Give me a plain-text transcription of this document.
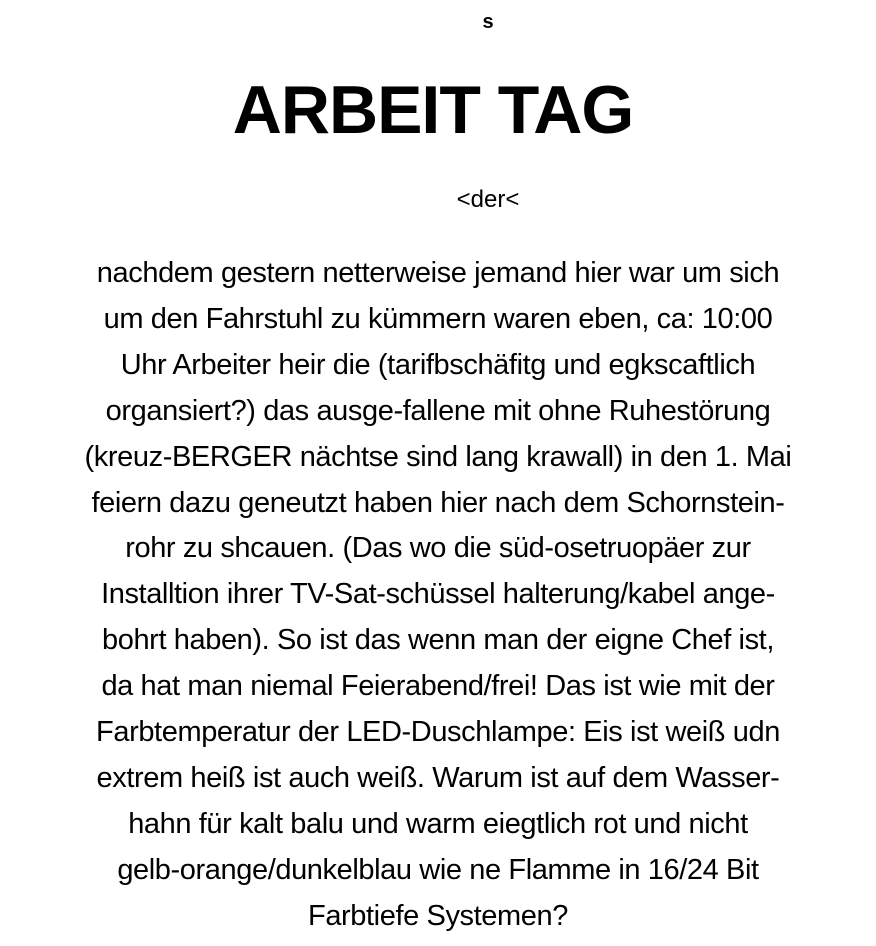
s
ARBEIT TAG
<der<

nachdem gestern netterweise jemand hier war um sich
um den Fahrstuhl zu kümmern waren eben, ca: 10:00
Uhr Arbeiter heir die (tarifbschäfitg und egkscaftlich
organsiert?) das ausge-fallene mit ohne Ruhestörung
(kreuz-BERGER nächtse sind lang krawall) in den 1. Mai
feiern dazu geneutzt haben hier nach dem Schornstein-
rohr zu shcauen. (Das wo die süd-osetruopäer zur
Installtion ihrer TV-Sat-schüssel halterung/kabel ange-
bohrt haben). So ist das wenn man der eigne Chef ist,
da hat man niemal Feierabend/frei! Das ist wie mit der
Farbtemperatur der LED-Duschlampe: Eis ist weiß udn
extrem heiß ist auch weiß. Warum ist auf dem Wasser-
hahn für kalt balu und warm eiegtlich rot und nicht
gelb-orange/dunkelblau wie ne Flamme in 16/24 Bit
Farbtiefe Systemen?
